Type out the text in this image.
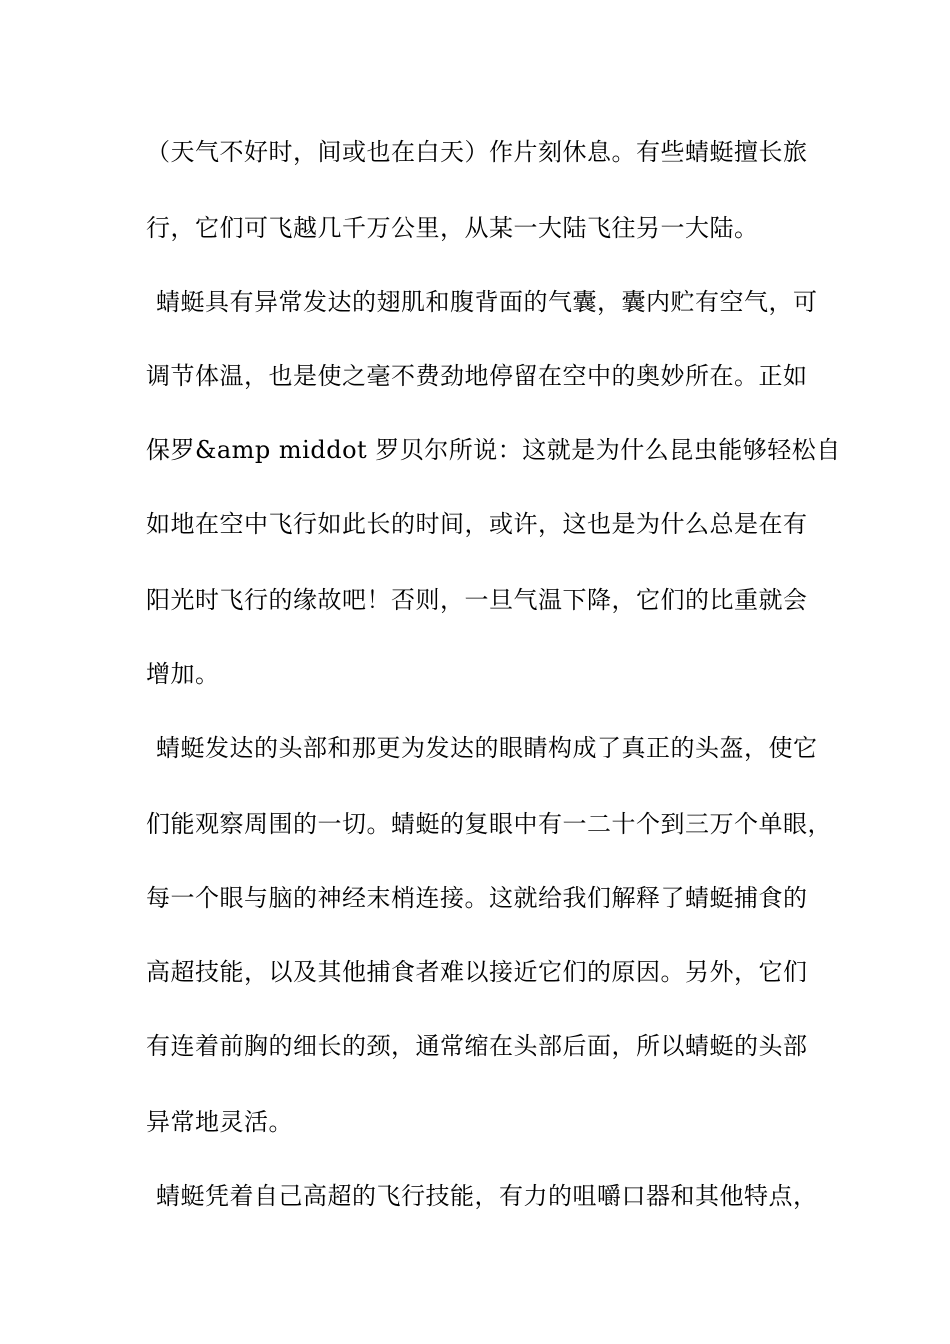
（天气不好时，间或也在白天）作片刻休息。有些蜻蜓擅长旅
行，它们可飞越几千万公里，从某一大陆飞往另一大陆。
蜻蜓具有异常发达的翅肌和腹背面的气囊，囊内贮有空气，可
调节体温，也是使之毫不费劲地停留在空中的奥妙所在。正如
保罗&amp middot 罗贝尔所说：这就是为什么昆虫能够轻松自
如地在空中飞行如此长的时间，或许，这也是为什么总是在有
阳光时飞行的缘故吧！否则，一旦气温下降，它们的比重就会
增加。
蜻蜓发达的头部和那更为发达的眼睛构成了真正的头盔，使它
们能观察周围的一切。蜻蜓的复眼中有一二十个到三万个单眼，
每一个眼与脑的神经末梢连接。这就给我们解释了蜻蜓捕食的
高超技能，以及其他捕食者难以接近它们的原因。另外，它们
有连着前胸的细长的颈，通常缩在头部后面，所以蜻蜓的头部
异常地灵活。
蜻蜓凭着自己高超的飞行技能，有力的咀嚼口器和其他特点，
